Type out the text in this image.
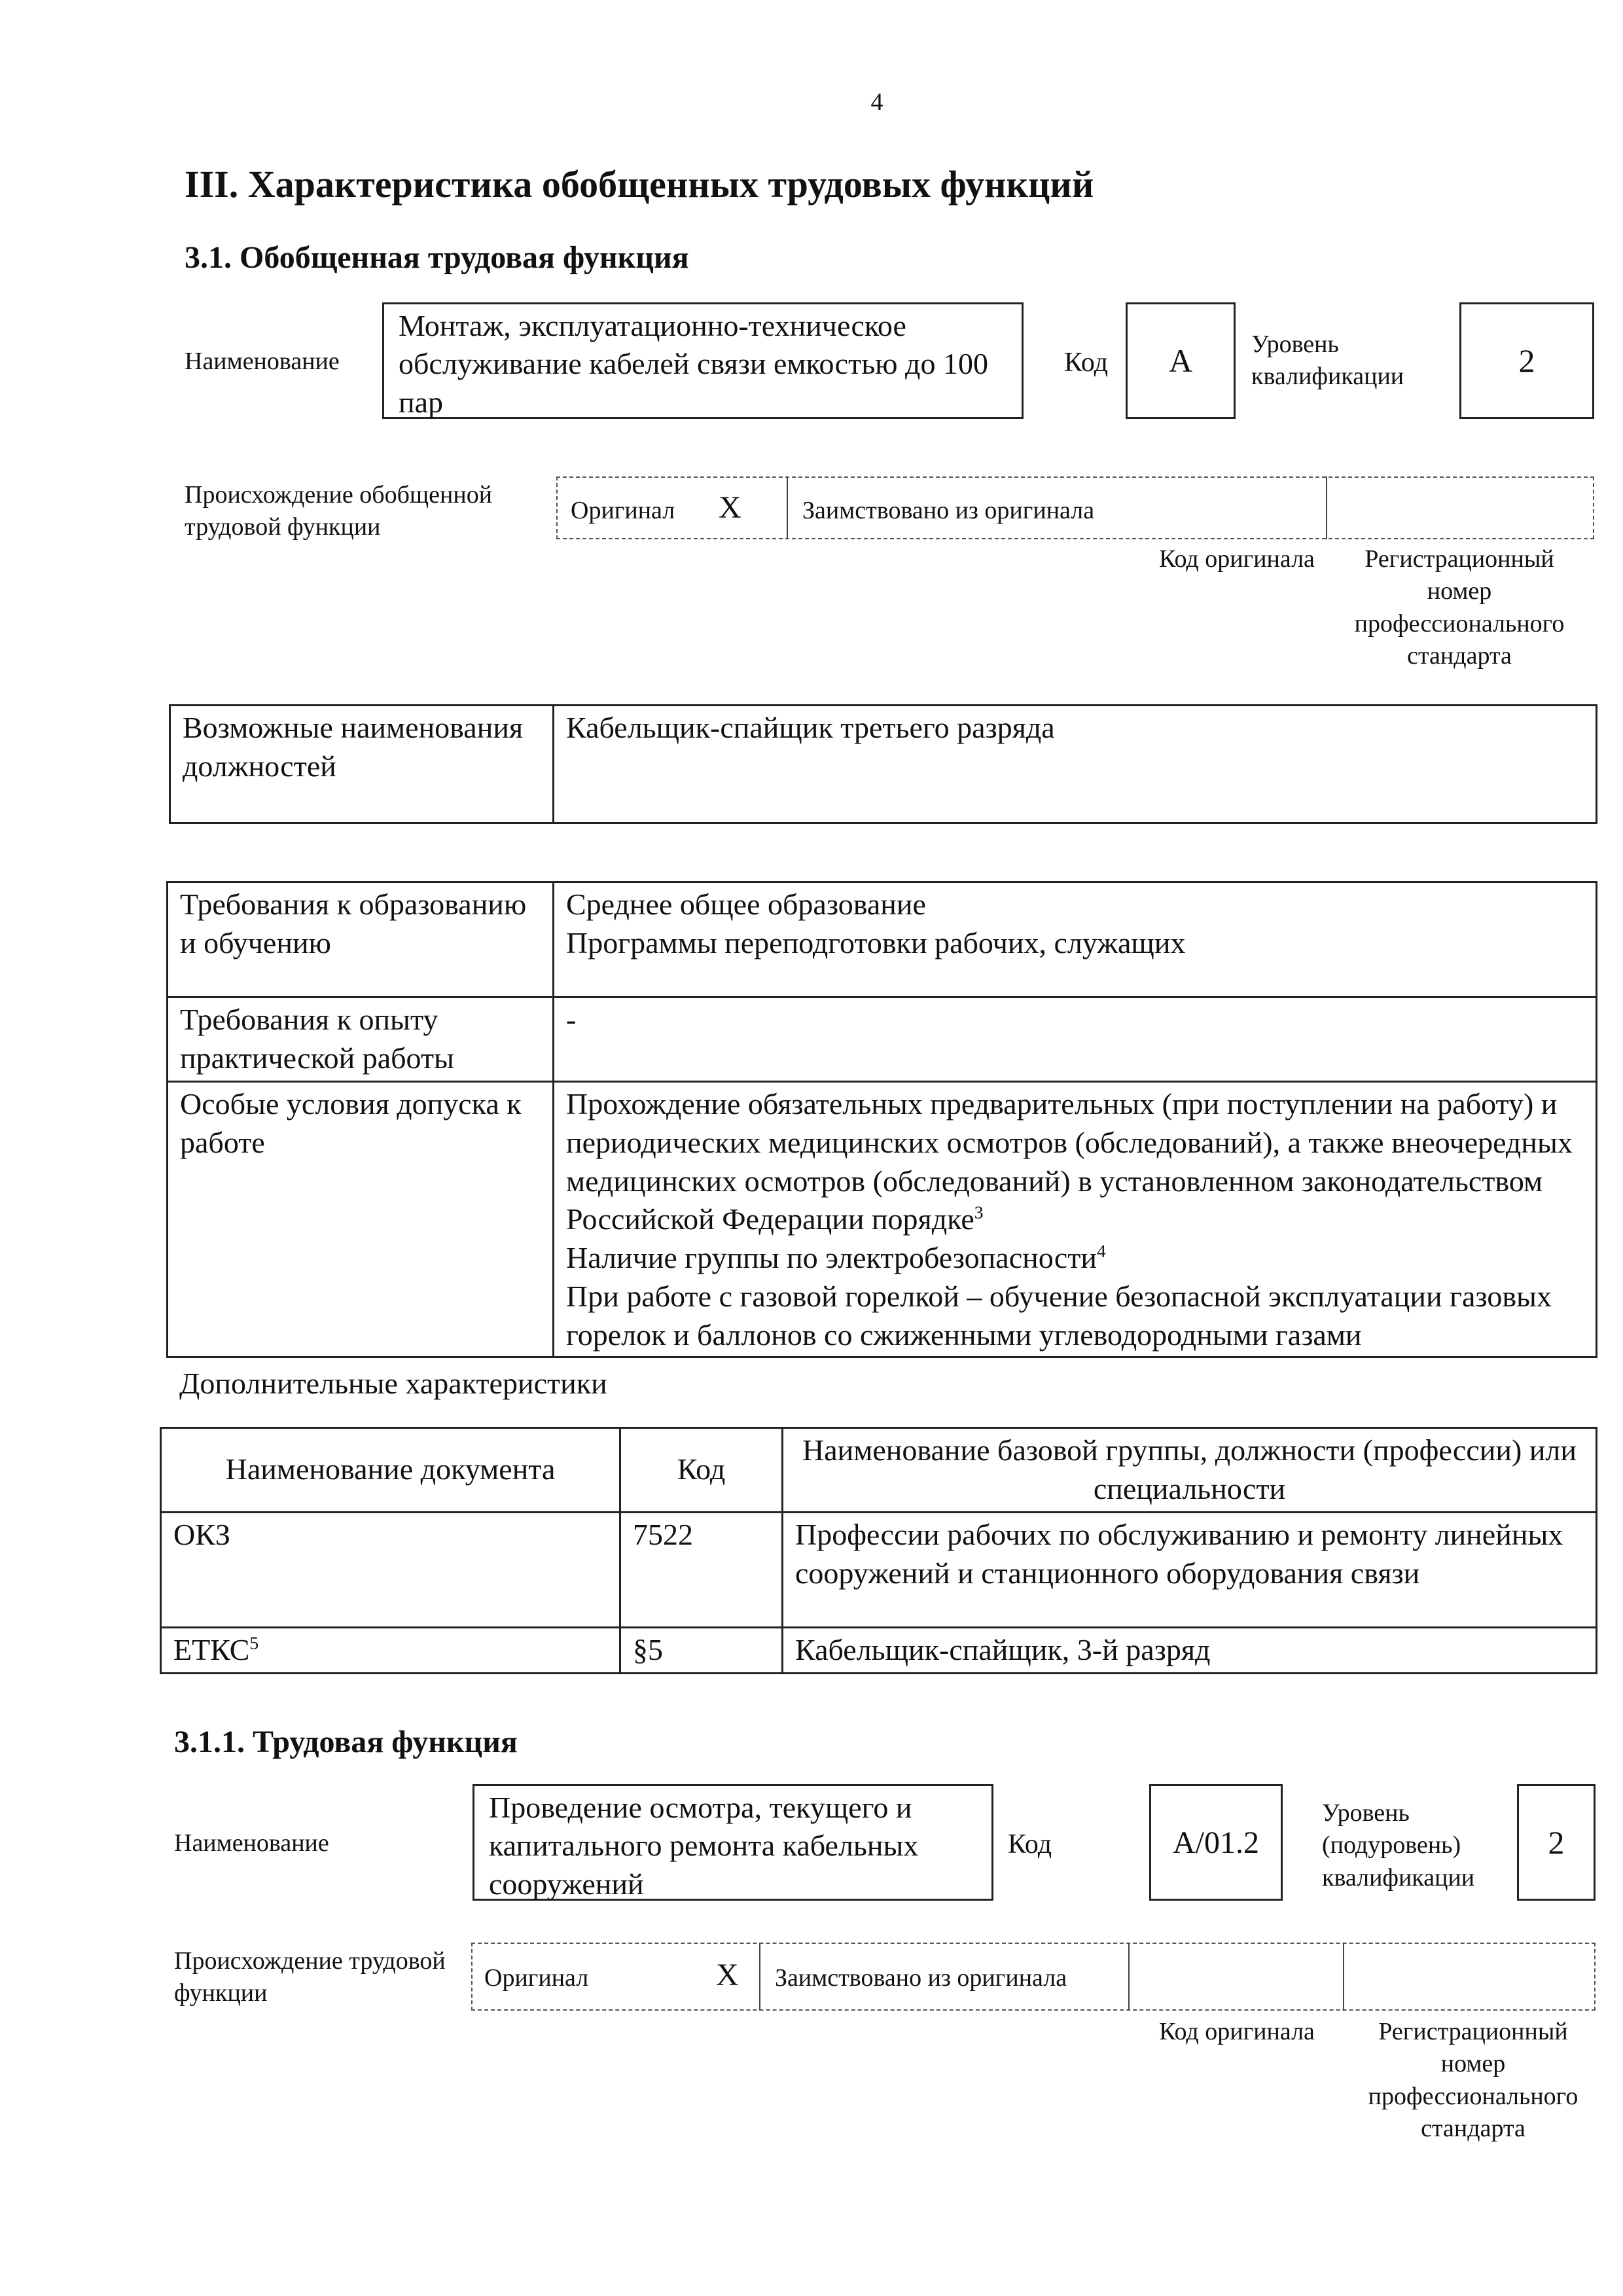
4
III. Характеристика обобщенных трудовых функций
3.1. Обобщенная трудовая функция
Наименование
Монтаж, эксплуатационно-техническое обслуживание кабелей связи емкостью до 100 пар
Код	А	Уровень квалификации	2
Происхождение обобщенной трудовой функции
Оригинал Х Заимствовано из оригинала
Код оригинала	Регистрационный номер профессионального стандарта
Возможные наименования должностей	Кабельщик-спайщик третьего разряда
Требования к образованию и обучению	Среднее общее образование
Программы переподготовки рабочих, служащих

Требования к опыту практической работы	-
Особые условия допуска к работе	Прохождение обязательных предварительных (при поступлении на работу) и периодических медицинских осмотров (обследований), а также внеочередных медицинских осмотров (обследований) в установленном законодательством Российской Федерации порядке$^3$
Наличие группы по электробезопасности$^4$
При работе с газовой горелкой – обучение безопасной эксплуатации газовых горелок и баллонов со сжиженными углеводородными газами
Дополнительные характеристики
Наименование документа	Код	Наименование базовой группы, должности (профессии) или специальности
ОКЗ	7522	Профессии рабочих по обслуживанию и ремонту линейных сооружений и станционного оборудования связи
ЕТКС$^5$	§5	Кабельщик-спайщик, 3-й разряд
3.1.1. Трудовая функция
Наименование
Проведение осмотра, текущего и капитального ремонта кабельных сооружений
Код	A/01.2
Уровень (подуровень) квалификации
2
Происхождение трудовой функции
Оригинал	Х Заимствовано из оригинала
Код оригинала	Регистрационный номер профессионального стандарта
